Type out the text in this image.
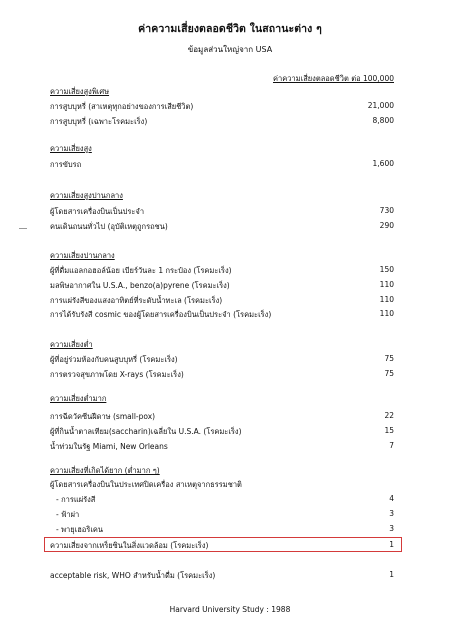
ค่าความเสี่ยงตลอดชีวิต ในสถานะต่าง ๆ
ข้อมูลส่วนใหญ่จาก USA
ค่าความเสี่ยงตลอดชีวิต ต่อ 100,000
ความเสี่ยงสูงพิเศษ
การสูบบุหรี่ (สาเหตุทุกอย่างของการเสียชีวิต)	21,000
การสูบบุหรี่ (เฉพาะโรคมะเร็ง)	8,800
ความเสี่ยงสูง
การขับรถ	1,600
ความเสี่ยงสูงปานกลาง
ผู้โดยสารเครื่องบินเป็นประจำ	730
คนเดินถนนทั่วไป (อุบัติเหตุถูกรถชน)	290
ความเสี่ยงปานกลาง
ผู้ที่ดื่มแอลกอฮอล์น้อย เบียร์วันละ 1 กระป๋อง (โรคมะเร็ง)	150
มลพิษอากาศใน U.S.A., benzo(a)pyrene (โรคมะเร็ง)	110
การแผ่รังสีของแสงอาทิตย์ที่ระดับน้ำทะเล (โรคมะเร็ง)	110
การได้รับรังสี cosmic ของผู้โดยสารเครื่องบินเป็นประจำ (โรคมะเร็ง)	110
ความเสี่ยงต่ำ
ผู้ที่อยู่ร่วมห้องกับคนสูบบุหรี่ (โรคมะเร็ง)	75
การตรวจสุขภาพโดย X-rays (โรคมะเร็ง)	75
ความเสี่ยงต่ำมาก
การฉีดวัคซีนฝีดาษ (small-pox)	22
ผู้ที่กินน้ำตาลเทียม(saccharin)เฉลี่ยใน U.S.A. (โรคมะเร็ง)	15
น้ำท่วมในรัฐ Miami, New Orleans	7
ความเสี่ยงที่เกิดได้ยาก (ต่ำมาก ๆ)
ผู้โดยสารเครื่องบินในประเทศปิดเครื่อง สาเหตุจากธรรมชาติ
- การแผ่รังสี	4
- ฟ้าผ่า	3
- พายุเฮอริเคน	3
ความเสี่ยงจากเหร็ยซินในสิ่งแวดล้อม (โรคมะเร็ง)	1
acceptable risk, WHO สำหรับน้ำดื่ม (โรคมะเร็ง)	1
Harvard University Study : 1988
